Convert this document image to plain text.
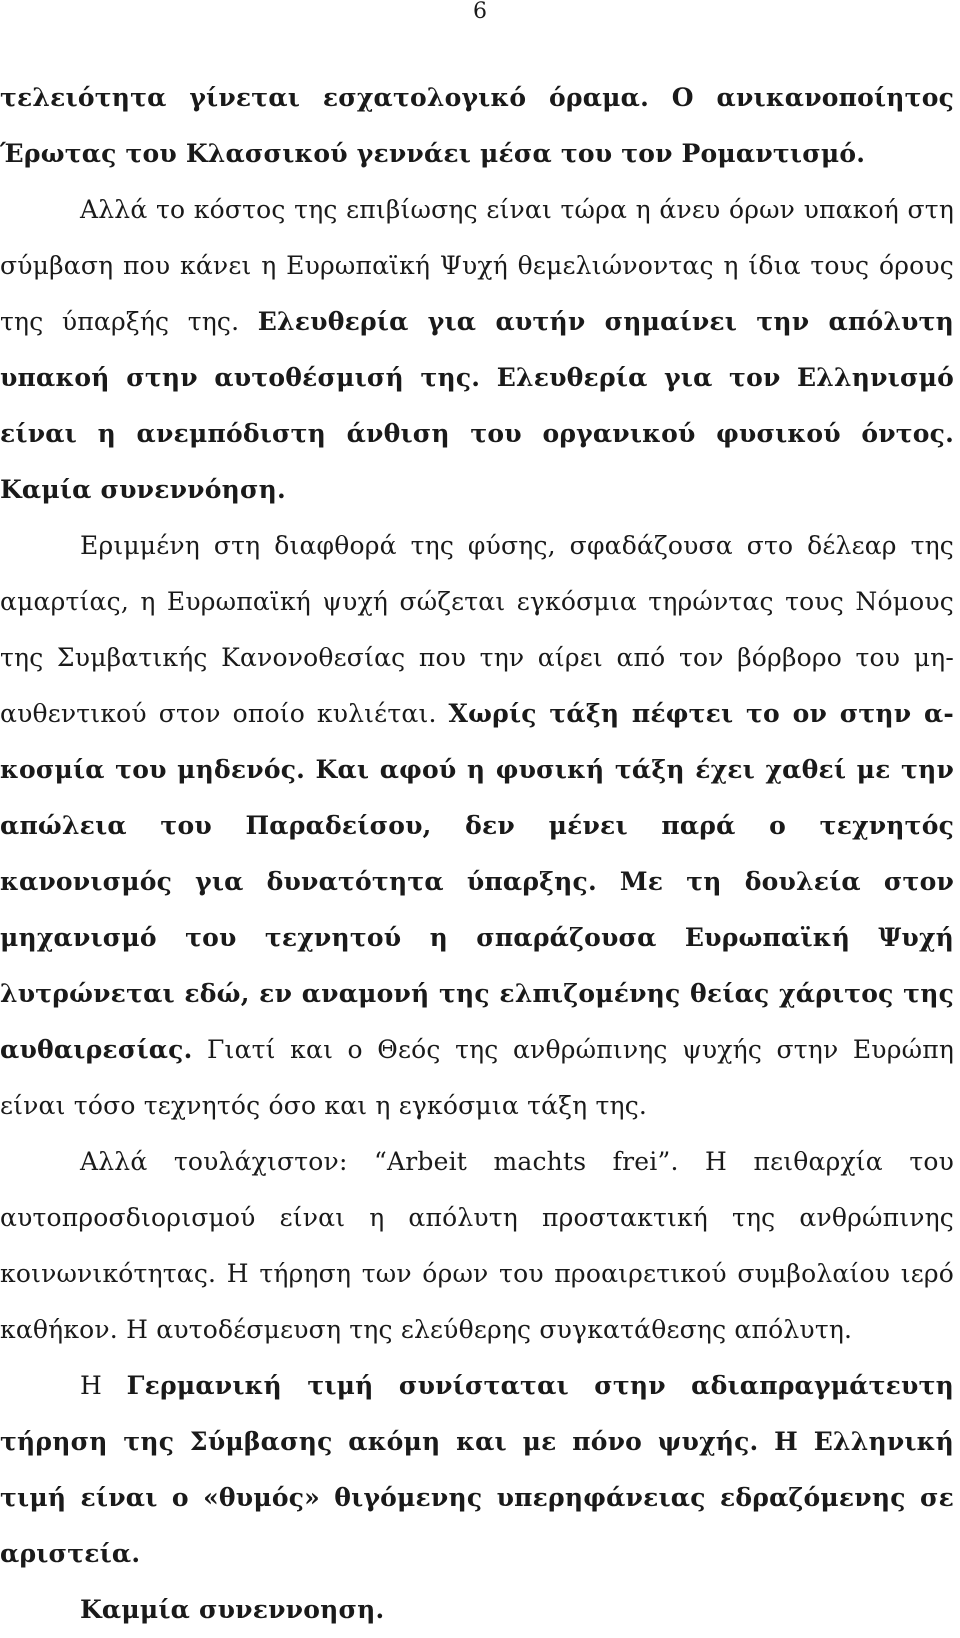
6

τελειότητα γίνεται εσχατολογικό όραμα. Ο ανικανοποίητος Έρωτας του Κλασσικού γεννάει μέσα του τον Ρομαντισμό.

Αλλά το κόστος της επιβίωσης είναι τώρα η άνευ όρων υπακοή στη σύμβαση που κάνει η Ευρωπαϊκή Ψυχή θεμελιώνοντας η ίδια τους όρους της ύπαρξής της. Ελευθερία για αυτήν σημαίνει την απόλυτη υπακοή στην αυτοθέσμισή της. Ελευθερία για τον Ελληνισμό είναι η ανεμπόδιστη άνθιση του οργανικού φυσικού όντος. Καμία συνεννόηση.

Εριμμένη στη διαφθορά της φύσης, σφαδάζουσα στο δέλεαρ της αμαρτίας, η Ευρωπαϊκή ψυχή σώζεται εγκόσμια τηρώντας τους Νόμους της Συμβατικής Κανονοθεσίας που την αίρει από τον βόρβορο του μη-αυθεντικού στον οποίο κυλιέται. Χωρίς τάξη πέφτει το ον στην α-κοσμία του μηδενός. Και αφού η φυσική τάξη έχει χαθεί με την απώλεια του Παραδείσου, δεν μένει παρά ο τεχνητός κανονισμός για δυνατότητα ύπαρξης. Με τη δουλεία στον μηχανισμό του τεχνητού η σπαράζουσα Ευρωπαϊκή Ψυχή λυτρώνεται εδώ, εν αναμονή της ελπιζομένης θείας χάριτος της αυθαιρεσίας. Γιατί και ο Θεός της ανθρώπινης ψυχής στην Ευρώπη είναι τόσο τεχνητός όσο και η εγκόσμια τάξη της.

Αλλά τουλάχιστον: “Arbeit machts frei”. Η πειθαρχία του αυτοπροσδιορισμού είναι η απόλυτη προστακτική της ανθρώπινης κοινωνικότητας. Η τήρηση των όρων του προαιρετικού συμβολαίου ιερό καθήκον. Η αυτοδέσμευση της ελεύθερης συγκατάθεσης απόλυτη.

Η Γερμανική τιμή συνίσταται στην αδιαπραγμάτευτη τήρηση της Σύμβασης ακόμη και με πόνο ψυχής. Η Ελληνική τιμή είναι ο «θυμός» θιγόμενης υπερηφάνειας εδραζόμενης σε αριστεία.

Καμμία συνεννοηση.
